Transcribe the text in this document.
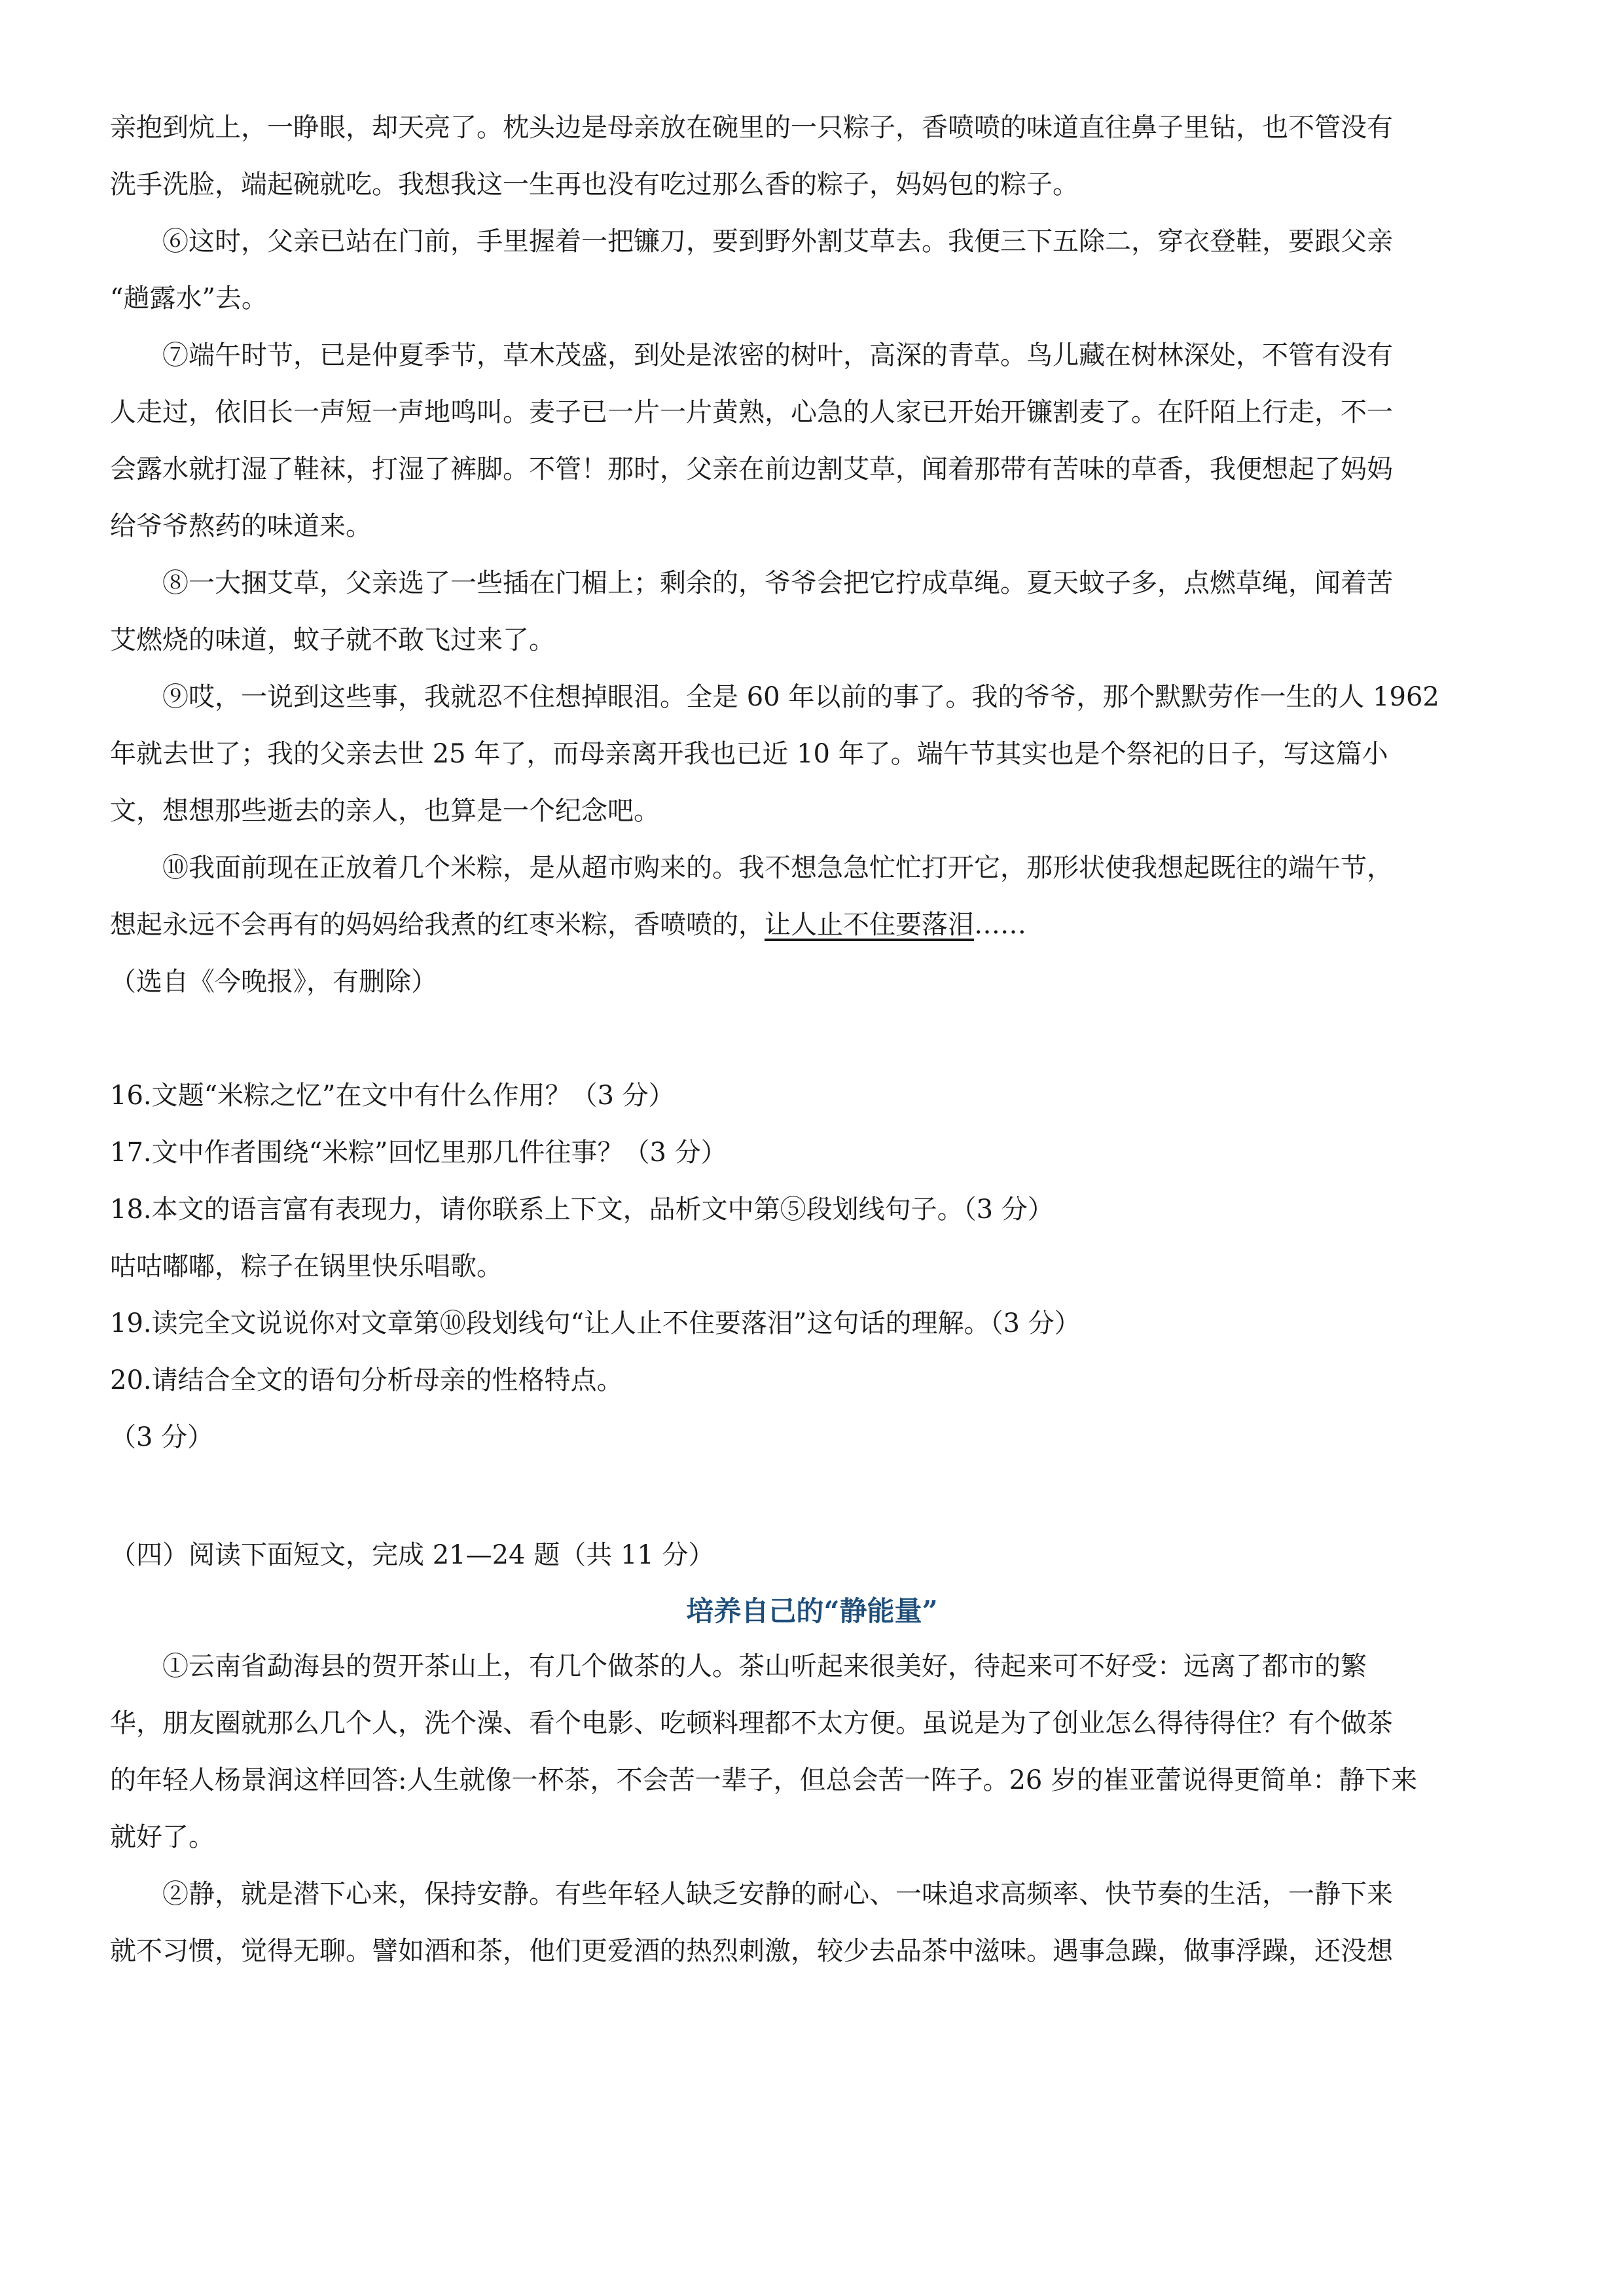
亲抱到炕上，一睁眼，却天亮了。枕头边是母亲放在碗里的一只粽子，香喷喷的味道直往鼻子里钻，也不管没有
洗手洗脸，端起碗就吃。我想我这一生再也没有吃过那么香的粽子，妈妈包的粽子。
⑥这时，父亲已站在门前，手里握着一把镰刀，要到野外割艾草去。我便三下五除二，穿衣登鞋，要跟父亲
“趟露水”去。
⑦端午时节，已是仲夏季节，草木茂盛，到处是浓密的树叶，高深的青草。鸟儿藏在树林深处，不管有没有
人走过，依旧长一声短一声地鸣叫。麦子已一片一片黄熟，心急的人家已开始开镰割麦了。在阡陌上行走，不一
会露水就打湿了鞋袜，打湿了裤脚。不管！那时，父亲在前边割艾草，闻着那带有苦味的草香，我便想起了妈妈
给爷爷熬药的味道来。
⑧一大捆艾草，父亲选了一些插在门楣上；剩余的，爷爷会把它拧成草绳。夏天蚊子多，点燃草绳，闻着苦
艾燃烧的味道，蚊子就不敢飞过来了。
⑨哎，一说到这些事，我就忍不住想掉眼泪。全是 60 年以前的事了。我的爷爷，那个默默劳作一生的人 1962
年就去世了；我的父亲去世 25 年了，而母亲离开我也已近 10 年了。端午节其实也是个祭祀的日子，写这篇小
文，想想那些逝去的亲人，也算是一个纪念吧。
⑩我面前现在正放着几个米粽，是从超市购来的。我不想急急忙忙打开它，那形状使我想起既往的端午节，
想起永远不会再有的妈妈给我煮的红枣米粽，香喷喷的，让人止不住要落泪……
（选自《今晚报》，有删除）
16.文题“米粽之忆”在文中有什么作用？（3 分）
17.文中作者围绕“米粽”回忆里那几件往事？（3 分）
18.本文的语言富有表现力，请你联系上下文，品析文中第⑤段划线句子。（3 分）
咕咕嘟嘟，粽子在锅里快乐唱歌。
19.读完全文说说你对文章第⑩段划线句“让人止不住要落泪”这句话的理解。（3 分）
20.请结合全文的语句分析母亲的性格特点。
（3 分）
（四）阅读下面短文，完成 21—24 题（共 11 分）
培养自己的“静能量”
①云南省勐海县的贺开茶山上，有几个做茶的人。茶山听起来很美好，待起来可不好受：远离了都市的繁
华，朋友圈就那么几个人，洗个澡、看个电影、吃顿料理都不太方便。虽说是为了创业怎么得待得住？有个做茶
的年轻人杨景润这样回答:人生就像一杯茶，不会苦一辈子，但总会苦一阵子。26 岁的崔亚蕾说得更简单：静下来
就好了。
②静，就是潜下心来，保持安静。有些年轻人缺乏安静的耐心、一味追求高频率、快节奏的生活，一静下来
就不习惯，觉得无聊。譬如酒和茶，他们更爱酒的热烈刺激，较少去品茶中滋味。遇事急躁，做事浮躁，还没想
